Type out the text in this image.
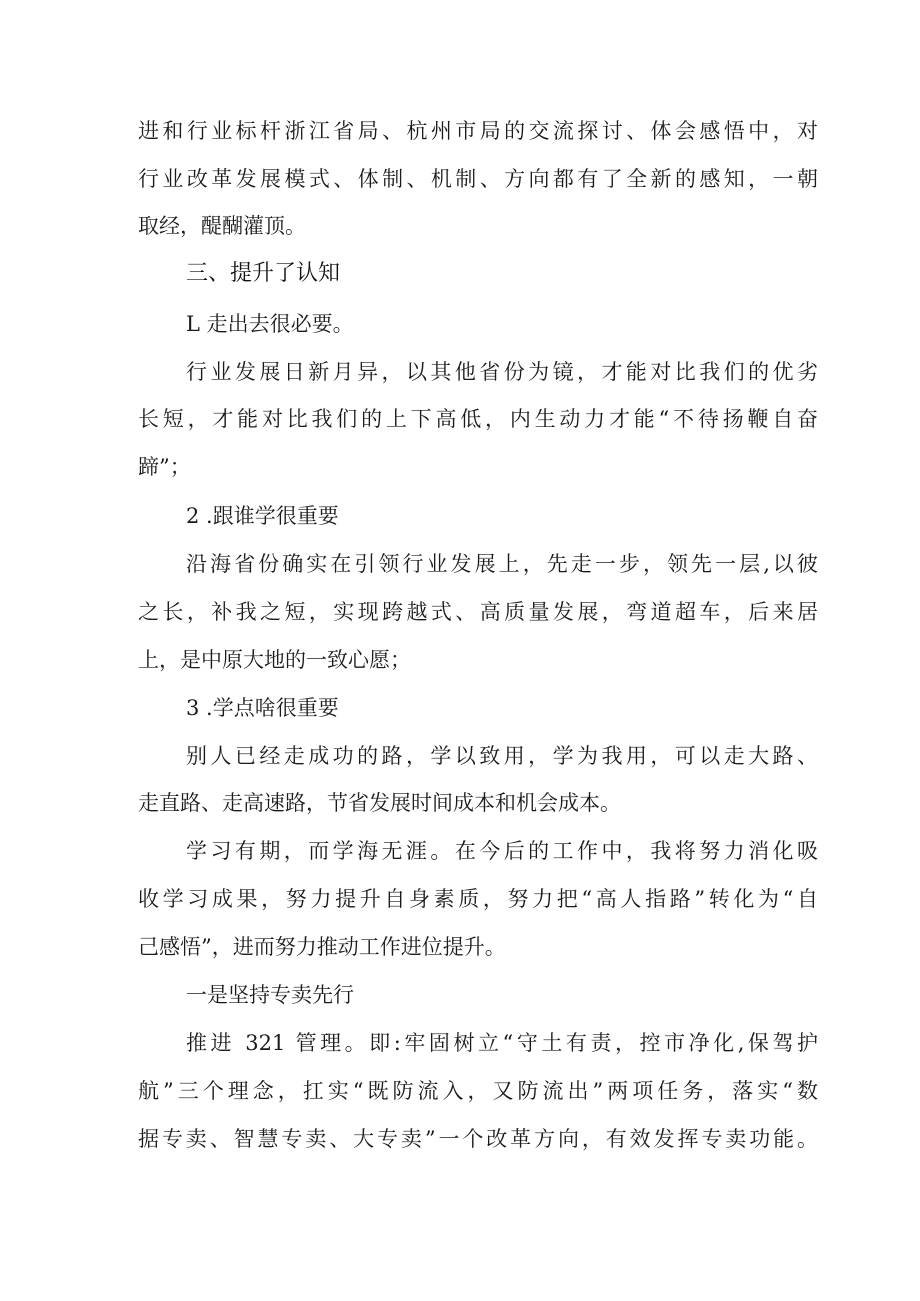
进和行业标杆浙江省局、杭州市局的交流探讨、体会感悟中，对
行业改革发展模式、体制、机制、方向都有了全新的感知，一朝
取经，醍醐灌顶。
三、提升了认知
L 走出去很必要。
行业发展日新月异，以其他省份为镜，才能对比我们的优劣
长短，才能对比我们的上下高低，内生动力才能“不待扬鞭自奋
蹄”；
2 .跟谁学很重要
沿海省份确实在引领行业发展上，先走一步，领先一层,以彼
之长，补我之短，实现跨越式、高质量发展，弯道超车，后来居
上，是中原大地的一致心愿；
3 .学点啥很重要
别人已经走成功的路，学以致用，学为我用，可以走大路、
走直路、走高速路，节省发展时间成本和机会成本。
学习有期，而学海无涯。在今后的工作中，我将努力消化吸
收学习成果，努力提升自身素质，努力把“高人指路”转化为“自
己感悟”，进而努力推动工作进位提升。
一是坚持专卖先行
推进 321 管理。即:牢固树立“守土有责，控市净化,保驾护
航”三个理念，扛实“既防流入，又防流出”两项任务，落实“数
据专卖、智慧专卖、大专卖”一个改革方向，有效发挥专卖功能。
